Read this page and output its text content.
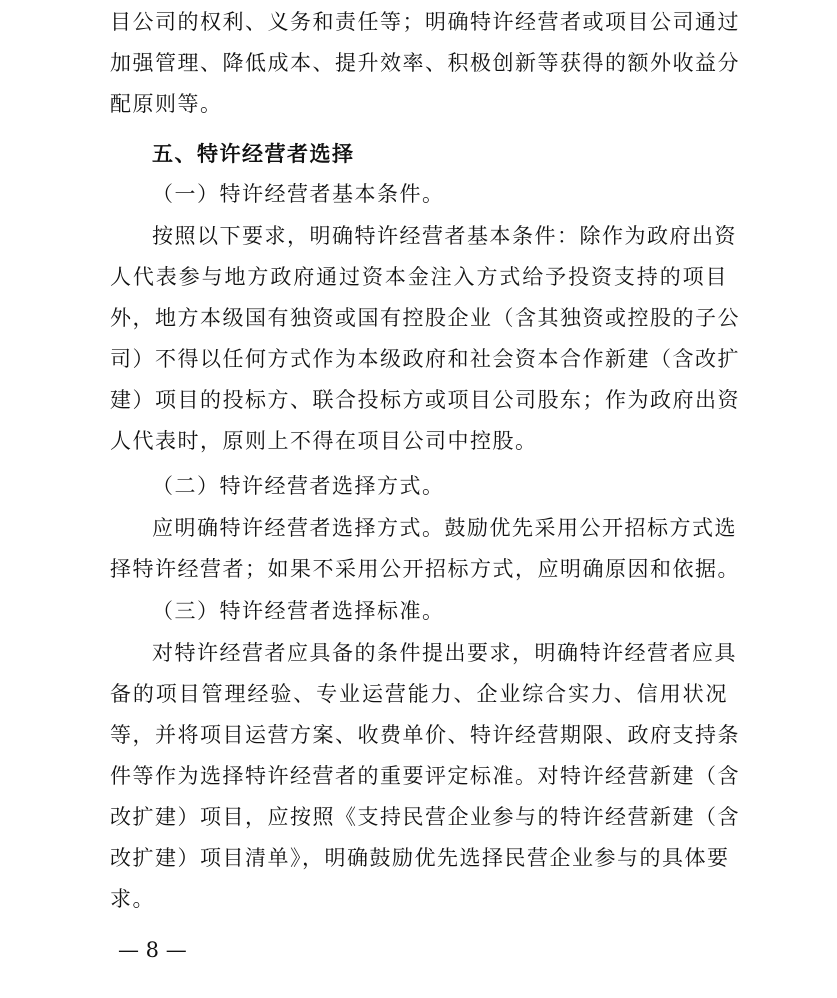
目公司的权利、义务和责任等；明确特许经营者或项目公司通过
加强管理、降低成本、提升效率、积极创新等获得的额外收益分
配原则等。

五、特许经营者选择

（一）特许经营者基本条件。

按照以下要求，明确特许经营者基本条件：除作为政府出资
人代表参与地方政府通过资本金注入方式给予投资支持的项目
外，地方本级国有独资或国有控股企业（含其独资或控股的子公
司）不得以任何方式作为本级政府和社会资本合作新建（含改扩
建）项目的投标方、联合投标方或项目公司股东；作为政府出资
人代表时，原则上不得在项目公司中控股。

（二）特许经营者选择方式。

应明确特许经营者选择方式。鼓励优先采用公开招标方式选
择特许经营者；如果不采用公开招标方式，应明确原因和依据。

（三）特许经营者选择标准。

对特许经营者应具备的条件提出要求，明确特许经营者应具
备的项目管理经验、专业运营能力、企业综合实力、信用状况
等，并将项目运营方案、收费单价、特许经营期限、政府支持条
件等作为选择特许经营者的重要评定标准。对特许经营新建（含
改扩建）项目，应按照《支持民营企业参与的特许经营新建（含
改扩建）项目清单》，明确鼓励优先选择民营企业参与的具体要
求。
— 8 —
